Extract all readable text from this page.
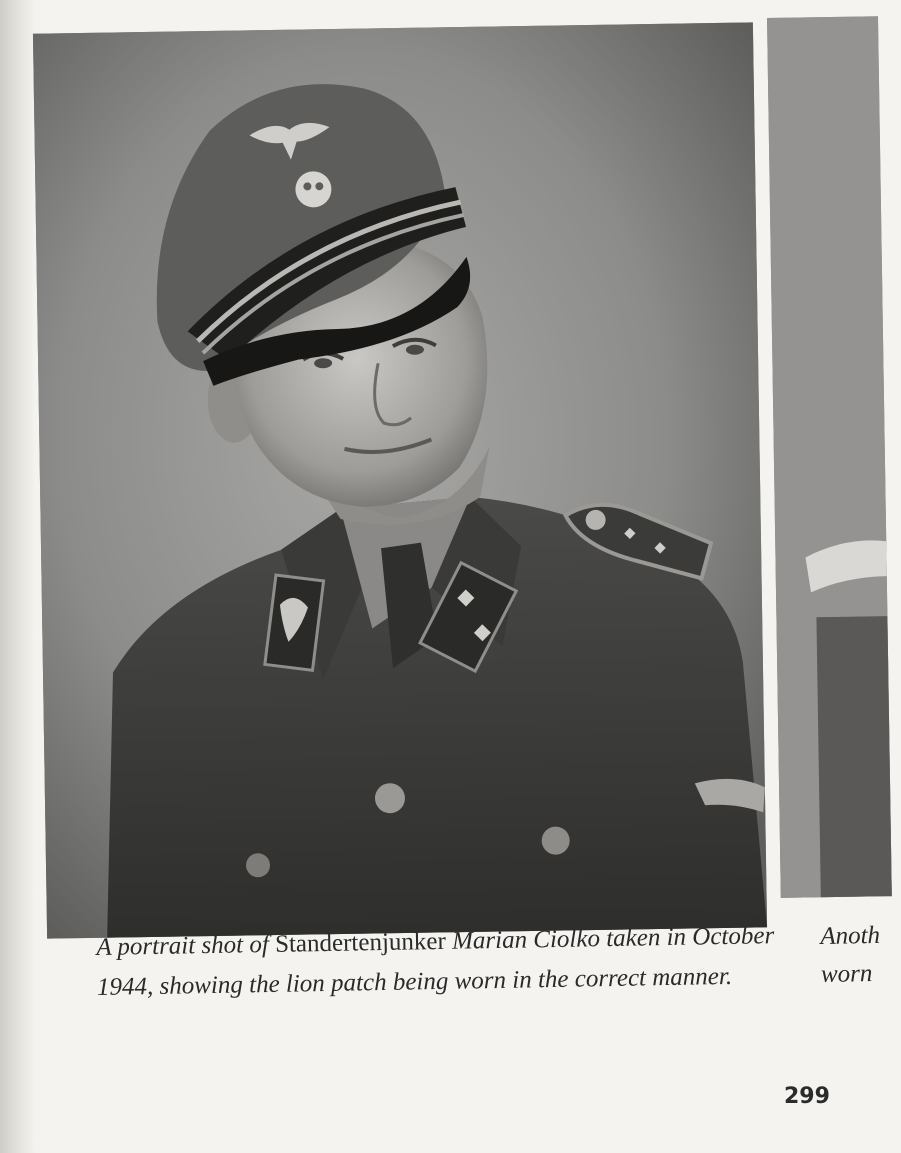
A portrait shot of Standertenjunker Marian Ciolko taken in October 1944, showing the lion patch being worn in the correct manner.

Anoth
worn

299
